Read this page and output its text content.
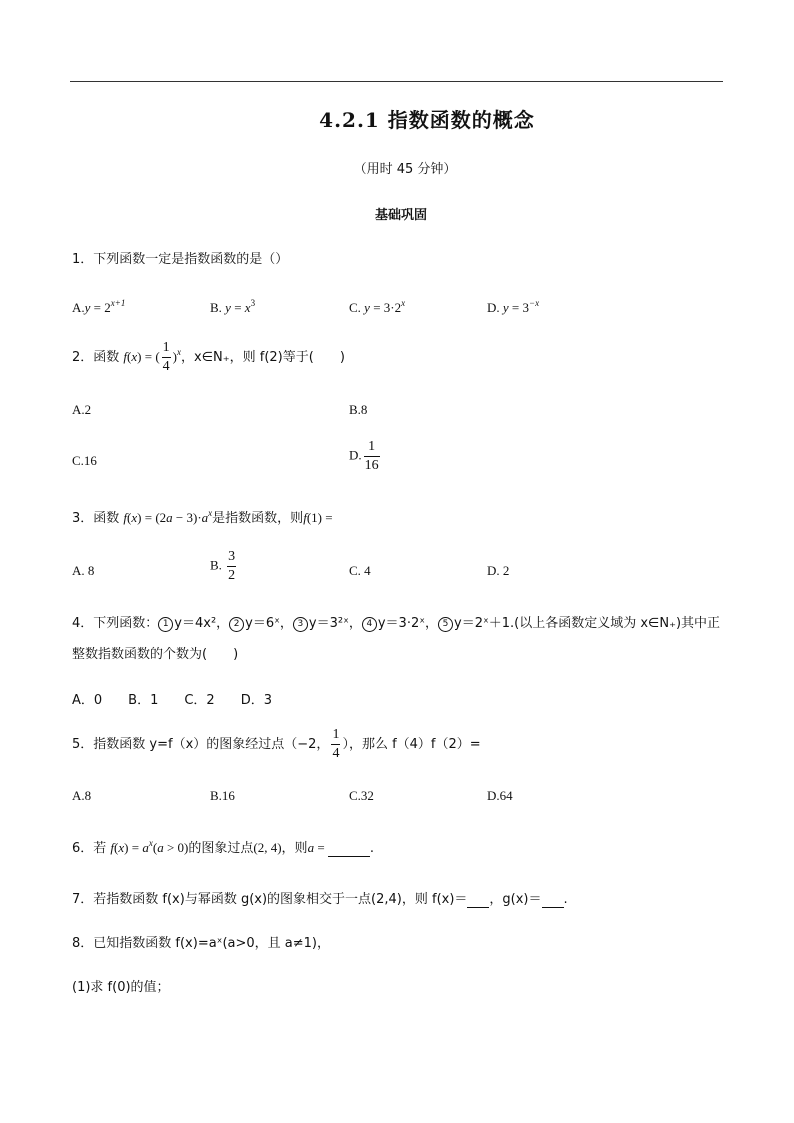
4.2.1 指数函数的概念
（用时 45 分钟）
基础巩固
1．下列函数一定是指数函数的是（）
$A.y = 2^{x+1}$	B. $y = x^3$	C. $y = 3\cdot 2^x$	D. $y = 3^{-x}$
2．函数 f(x) = ( $\frac{1}{4} )^x$，x∈N₊，则 f(2)等于(　　)
A.2	B.8
C.16	D. $\frac{1}{16}$
3．函数 $f(x) = (2a - 3)\cdot a^x$是指数函数，则f(1) =
A. 8	B. $\frac{3}{2}$	C. 4	D. 2
4．下列函数： 1 y＝4x²， 2 y＝6ˣ， 3 y＝3²ˣ， 4 y＝3·2ˣ， 5 y＝2ˣ＋1.(以上各函数定义域为 x∈N₊)其中正
整数指数函数的个数为(　　)
A．0　　B．1　　C．2　　D．3
5．指数函数 y=f（x）的图象经过点（−2， $\frac{1}{4}$ ），那么 f（4）f（2）=
A.8	B.16	C.32	D.64
6．若 $f(x) = a^x(a > 0)$的图象过点(2, 4)，则a =	.
7．若指数函数 f(x)与幂函数 g(x)的图象相交于一点(2,4)，则 f(x)＝ ，g(x)＝ .
8．已知指数函数 f(x)=aˣ(a>0，且 a≠1)，
(1)求 f(0)的值；
